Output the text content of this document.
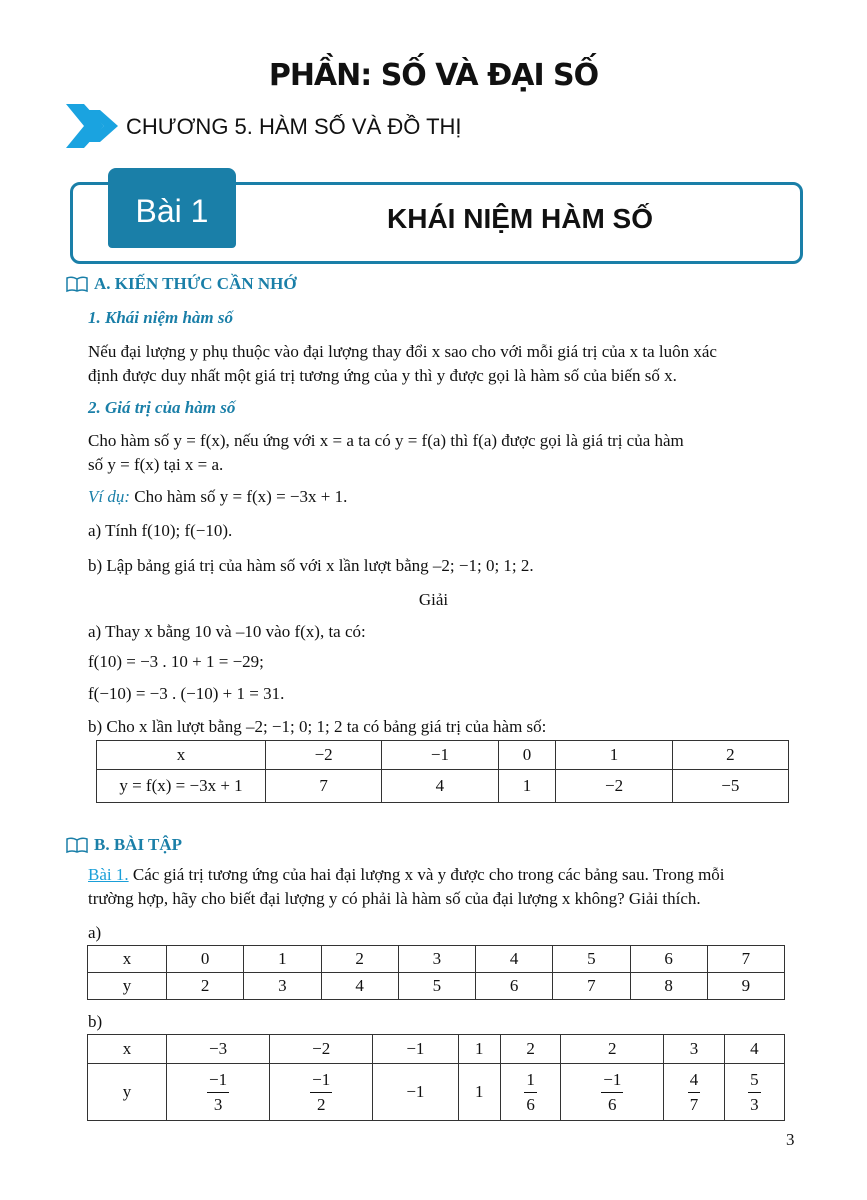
PHẦN: SỐ VÀ ĐẠI SỐ
CHƯƠNG 5. HÀM SỐ VÀ ĐỒ THỊ
Bài 1	KHÁI NIỆM HÀM SỐ
A. KIẾN THỨC CẦN NHỚ
1. Khái niệm hàm số
Nếu đại lượng y phụ thuộc vào đại lượng thay đổi x sao cho với mỗi giá trị của x ta luôn xác
định được duy nhất một giá trị tương ứng của y thì y được gọi là hàm số của biến số x.
2. Giá trị của hàm số
Cho hàm số y = f(x), nếu ứng với x = a ta có y = f(a) thì f(a) được gọi là giá trị của hàm
số y = f(x) tại x = a.
Ví dụ: Cho hàm số y = f(x) = −3x + 1.
a) Tính f(10); f(−10).
b) Lập bảng giá trị của hàm số với x lần lượt bằng –2; −1; 0; 1; 2.
Giải
a) Thay x bằng 10 và –10 vào f(x), ta có:
f(10) = −3 . 10 + 1 = −29;
f(−10) = −3 . (−10) + 1 = 31.
b) Cho x lần lượt bằng –2; −1; 0; 1; 2 ta có bảng giá trị của hàm số:
x	−2	−1	0	1	2
y = f(x) = −3x + 1	7	4	1	−2	−5
B. BÀI TẬP
Bài 1. Các giá trị tương ứng của hai đại lượng x và y được cho trong các bảng sau. Trong mỗi
trường hợp, hãy cho biết đại lượng y có phải là hàm số của đại lượng x không? Giải thích.
a)
x	0	1	2	3	4	5	6	7
y	2	3	4	5	6	7	8	9
b)
x	−3	−2	−1	1	2	2	3	4
y	$\frac{-1}{3}$	$\frac{-1}{2}$	−1	1	$\frac{1}{6}$	$\frac{-1}{6}$	$\frac{4}{7}$	$\frac{5}{3}$
3
